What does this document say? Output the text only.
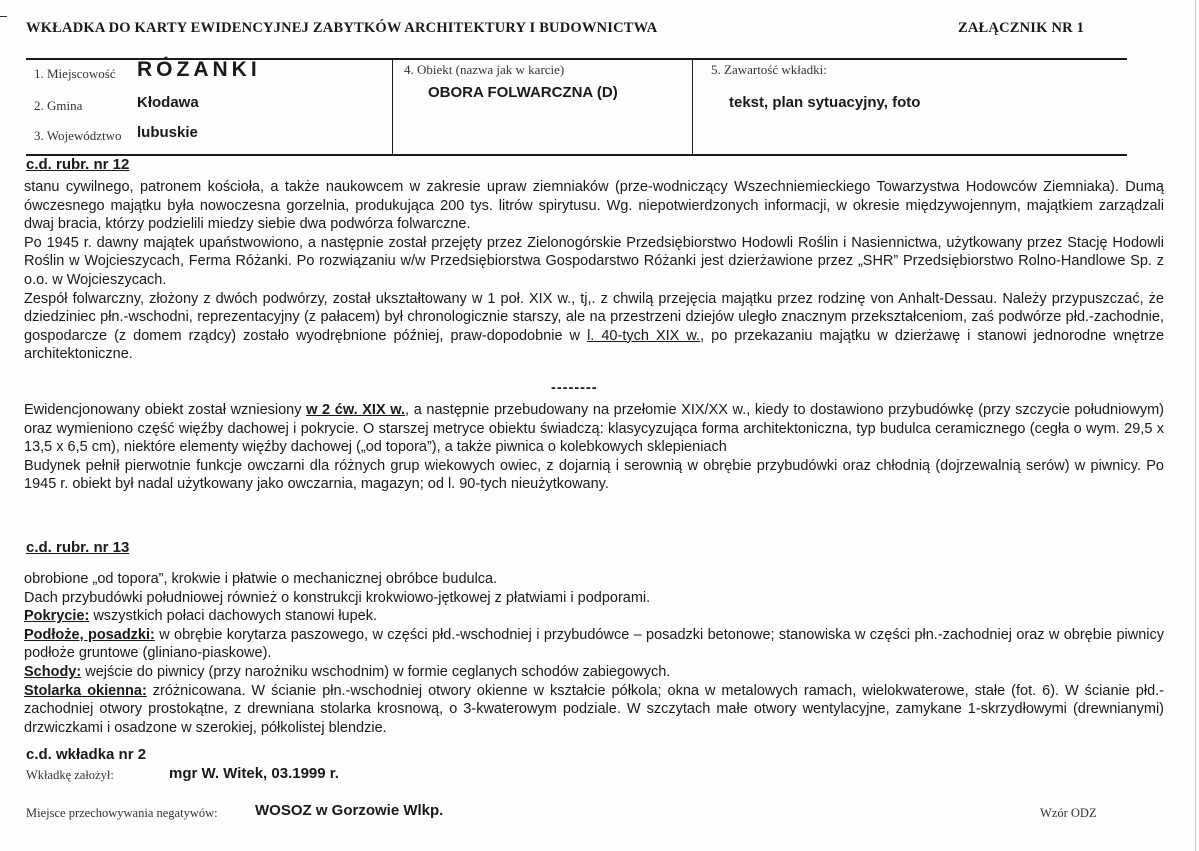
WKŁADKA DO KARTY EWIDENCYJNEJ ZABYTKÓW ARCHITEKTURY I BUDOWNICTWA	ZAŁĄCZNIK NR 1
1. Miejscowość RÓŻANKI
2. Gmina	Kłodawa
3. Województwo lubuskie
4. Obiekt (nazwa jak w karcie)
OBORA FOLWARCZNA (D)
5. Zawartość wkładki:
tekst, plan sytuacyjny, foto
c.d. rubr. nr 12

stanu cywilnego, patronem kościoła, a także naukowcem w zakresie upraw ziemniaków (prze-wodniczący Wszechniemieckiego Towarzystwa Hodowców Ziemniaka). Dumą ówczesnego majątku była nowoczesna gorzelnia, produkująca 200 tys. litrów spirytusu. Wg. niepotwierdzonych informacji, w okresie międzywojennym, majątkiem zarządzali dwaj bracia, którzy podzielili miedzy siebie dwa podwórza folwarczne.

Po 1945 r. dawny majątek upaństwowiono, a następnie został przejęty przez Zielonogórskie Przedsiębiorstwo Hodowli Roślin i Nasiennictwa, użytkowany przez Stację Hodowli Roślin w Wojcieszycach, Ferma Różanki. Po rozwiązaniu w/w Przedsiębiorstwa Gospodarstwo Różanki jest dzierżawione przez „SHR” Przedsiębiorstwo Rolno-Handlowe Sp. z o.o. w Wojcieszycach.

Zespół folwarczny, złożony z dwóch podwórzy, został ukształtowany w 1 poł. XIX w., tj,. z chwilą przejęcia majątku przez rodzinę von Anhalt-Dessau. Należy przypuszczać, że dziedziniec płn.-wschodni, reprezentacyjny (z pałacem) był chronologicznie starszy, ale na przestrzeni dziejów uległo znacznym przekształceniom, zaś podwórze płd.-zachodnie, gospodarcze (z domem rządcy) zostało wyodrębnione później, praw-dopodobnie w l. 40-tych XIX w., po przekazaniu majątku w dzierżawę i stanowi jednorodne wnętrze architektoniczne.

--------

Ewidencjonowany obiekt został wzniesiony w 2 ćw. XIX w., a następnie przebudowany na przełomie XIX/XX w., kiedy to dostawiono przybudówkę (przy szczycie południowym) oraz wymieniono część więźby dachowej i pokrycie. O starszej metryce obiektu świadczą: klasycyzująca forma architektoniczna, typ budulca ceramicznego (cegła o wym. 29,5 x 13,5 x 6,5 cm), niektóre elementy więźby dachowej („od topora”), a także piwnica o kolebkowych sklepieniach

Budynek pełnił pierwotnie funkcje owczarni dla różnych grup wiekowych owiec, z dojarnią i serownią w obrębie przybudówki oraz chłodnią (dojrzewalnią serów) w piwnicy. Po 1945 r. obiekt był nadal użytkowany jako owczarnia, magazyn; od l. 90-tych nieużytkowany.

c.d. rubr. nr 13

obrobione „od topora”, krokwie i płatwie o mechanicznej obróbce budulca.

Dach przybudówki południowej również o konstrukcji krokwiowo-jętkowej z płatwiami i podporami.

Pokrycie: wszystkich połaci dachowych stanowi łupek.

Podłoże, posadzki: w obrębie korytarza paszowego, w części płd.-wschodniej i przybudówce – posadzki betonowe; stanowiska w części płn.-zachodniej oraz w obrębie piwnicy podłoże gruntowe (gliniano-piaskowe).

Schody: wejście do piwnicy (przy narożniku wschodnim) w formie ceglanych schodów zabiegowych.

Stolarka okienna: zróżnicowana. W ścianie płn.-wschodniej otwory okienne w kształcie półkola; okna w metalowych ramach, wielokwaterowe, stałe (fot. 6). W ścianie płd.-zachodniej otwory prostokątne, z drewniana stolarka krosnową, o 3-kwaterowym podziale. W szczytach małe otwory wentylacyjne, zamykane 1-skrzydłowymi (drewnianymi) drzwiczkami i osadzone w szerokiej, półkolistej blendzie.

c.d. wkładka nr 2
Wkładkę założył:	mgr W. Witek, 03.1999 r.
Miejsce przechowywania negatywów: WOSOZ w Gorzowie Wlkp.	Wzór ODZ
